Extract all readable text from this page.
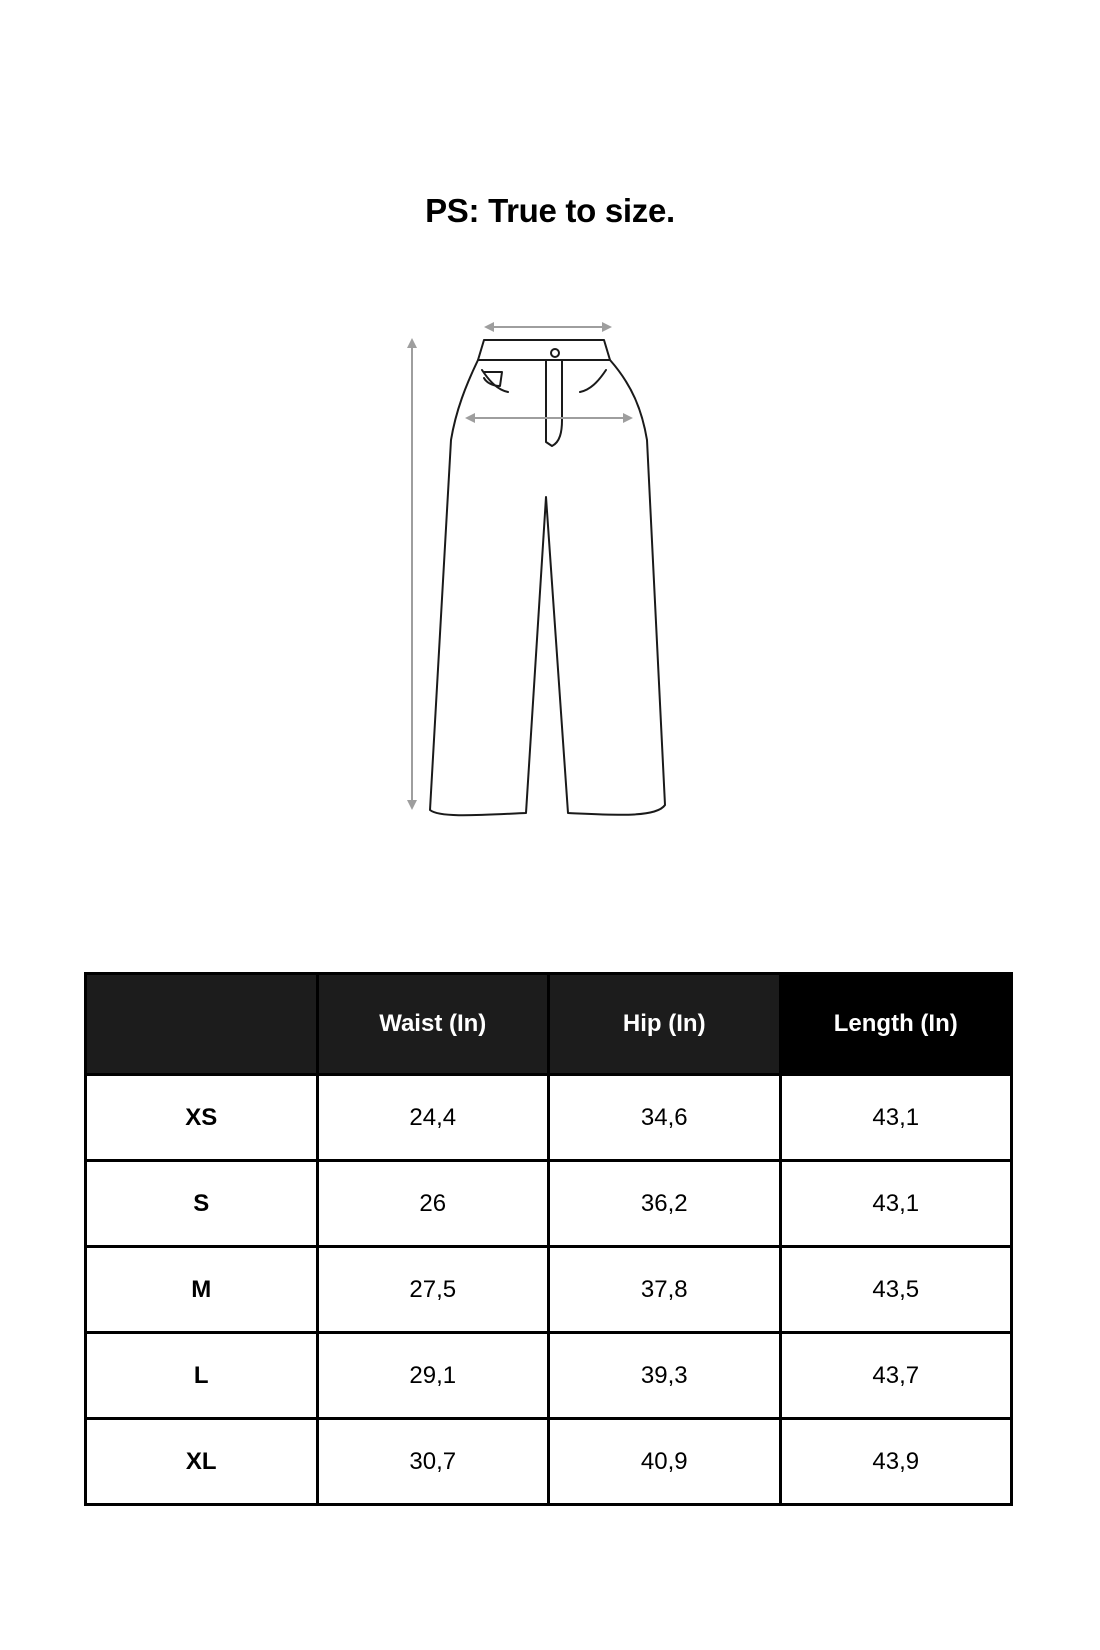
PS: True to size.
	Waist (In)	Hip (In)	Length (In)
XS	24,4	34,6	43,1
S	26	36,2	43,1
M	27,5	37,8	43,5
L	29,1	39,3	43,7
XL	30,7	40,9	43,9
